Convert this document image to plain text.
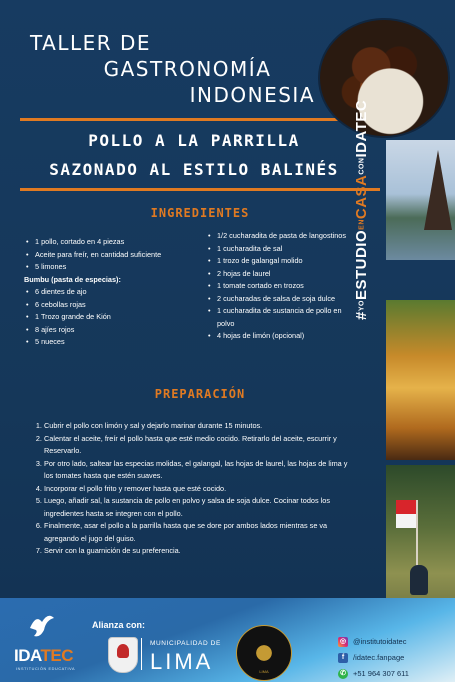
TALLER DE
GASTRONOMÍA
INDONESIA
POLLO A LA PARRILLA
SAZONADO AL ESTILO BALINÉS
#YOESTUDIOENCASACONIDATEC
INGREDIENTES
• 1 pollo, cortado en 4 piezas
• Aceite para freír, en cantidad suficiente
• 5 limones
Bumbu (pasta de especias):
• 6 dientes de ajo
• 6 cebollas rojas
• 1 Trozo grande de Kión
• 8 ajíes rojos
• 5 nueces
• 1/2 cucharadita de pasta de langostinos
• 1 cucharadita de sal
• 1 trozo de galangal molido
• 2 hojas de laurel
• 1 tomate cortado en trozos
• 2 cucharadas de salsa de soja dulce
• 1 cucharadita de sustancia de pollo en polvo
• 4 hojas de limón (opcional)
PREPARACIÓN
1. Cubrir el pollo con limón y sal y dejarlo marinar durante 15 minutos.
2. Calentar el aceite, freír el pollo hasta que esté medio cocido. Retirarlo del aceite, escurrir y Reservarlo.
3. Por otro lado, saltear las especias molidas, el galangal, las hojas de laurel, las hojas de lima y los tomates hasta que estén suaves.
4. Incorporar el pollo frito y remover hasta que esté cocido.
5. Luego, añadir sal, la sustancia de pollo en polvo y salsa de soja dulce. Cocinar todos los ingredientes hasta se integren con el pollo.
6. Finalmente, asar el pollo a la parrilla hasta que se dore por ambos lados mientras se va agregando el jugo del guiso.
7. Servir con la guarnición de su preferencia.
IDATEC
INSTITUCIÓN EDUCATIVA
Alianza con:
MUNICIPALIDAD DE
LIMA	LIMA
◎ @institutoidatec
f	/idatec.fanpage
✆ +51 964 307 611
